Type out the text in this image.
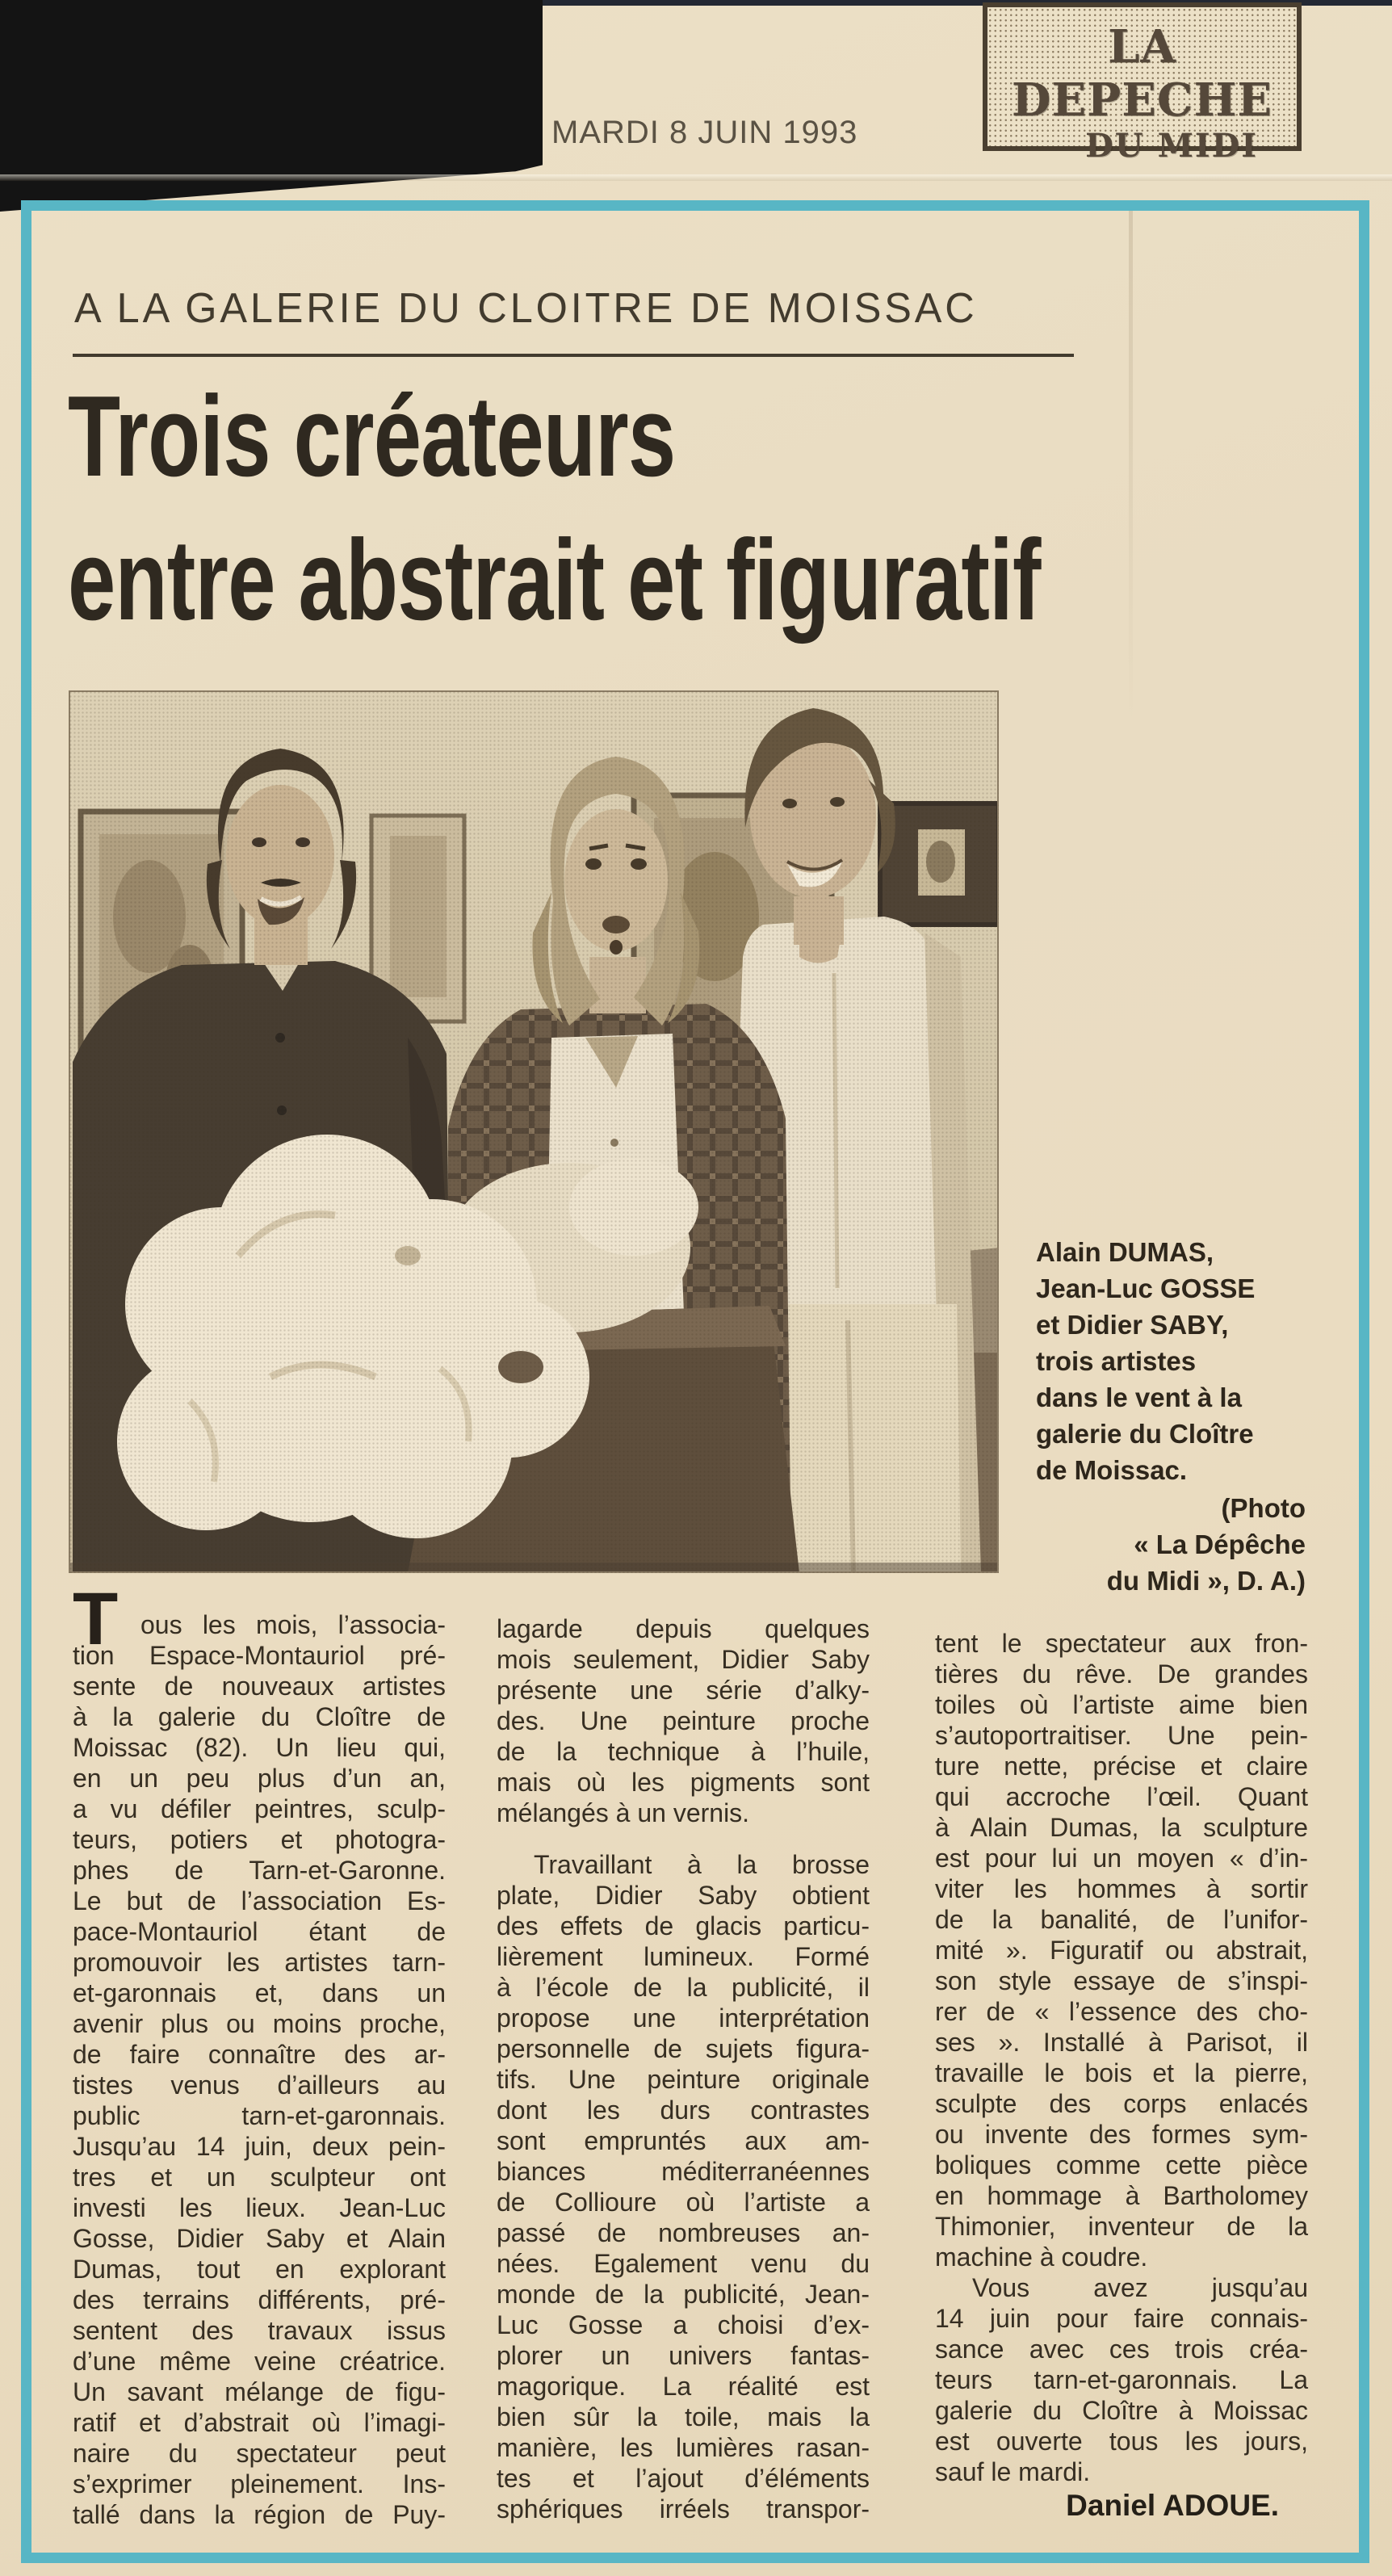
LA DEPECHE
DU MIDI
MARDI 8 JUIN 1993
A LA GALERIE DU CLOITRE DE MOISSAC
Trois créateurs
entre abstrait et figuratif
Alain DUMAS,
Jean-Luc GOSSE
et Didier SABY,
trois artistes
dans le vent à la
galerie du Cloître
de Moissac.
(Photo
« La Dépêche
du Midi », D. A.)
T ous les mois, l’associa-
tion Espace-Montauriol pré-
sente de nouveaux artistes
à la galerie du Cloître de
Moissac (82). Un lieu qui,
en un peu plus d’un an,
a vu défiler peintres, sculp-
teurs, potiers et photogra-
phes de Tarn-et-Garonne.
Le but de l’association Es-
pace-Montauriol étant de
promouvoir les artistes tarn-
et-garonnais et, dans un
avenir plus ou moins proche,
de faire connaître des ar-
tistes venus d’ailleurs au
public tarn-et-garonnais.
Jusqu’au 14 juin, deux pein-
tres et un sculpteur ont
investi les lieux. Jean-Luc
Gosse, Didier Saby et Alain
Dumas, tout en explorant
des terrains différents, pré-
sentent des travaux issus
d’une même veine créatrice.
Un savant mélange de figu-
ratif et d’abstrait où l’imagi-
naire du spectateur peut
s’exprimer pleinement. Ins-
tallé dans la région de Puy-
lagarde depuis quelques
mois seulement, Didier Saby
présente une série d’alky-
des. Une peinture proche
de la technique à l’huile,
mais où les pigments sont
mélangés à un vernis.
Travaillant à la brosse
plate, Didier Saby obtient
des effets de glacis particu-
lièrement lumineux. Formé
à l’école de la publicité, il
propose une interprétation
personnelle de sujets figura-
tifs. Une peinture originale
dont les durs contrastes
sont empruntés aux am-
biances méditerranéennes
de Collioure où l’artiste a
passé de nombreuses an-
nées. Egalement venu du
monde de la publicité, Jean-
Luc Gosse a choisi d’ex-
plorer un univers fantas-
magorique. La réalité est
bien sûr la toile, mais la
manière, les lumières rasan-
tes et l’ajout d’éléments
sphériques irréels transpor-
tent le spectateur aux fron-
tières du rêve. De grandes
toiles où l’artiste aime bien
s’autoportraitiser. Une pein-
ture nette, précise et claire
qui accroche l’œil. Quant
à Alain Dumas, la sculpture
est pour lui un moyen « d’in-
viter les hommes à sortir
de la banalité, de l’unifor-
mité ». Figuratif ou abstrait,
son style essaye de s’inspi-
rer de « l’essence des cho-
ses ». Installé à Parisot, il
travaille le bois et la pierre,
sculpte des corps enlacés
ou invente des formes sym-
boliques comme cette pièce
en hommage à Bartholomey
Thimonier, inventeur de la
machine à coudre.
Vous avez jusqu’au
14 juin pour faire connais-
sance avec ces trois créa-
teurs tarn-et-garonnais. La
galerie du Cloître à Moissac
est ouverte tous les jours,
sauf le mardi.
Daniel ADOUE.
